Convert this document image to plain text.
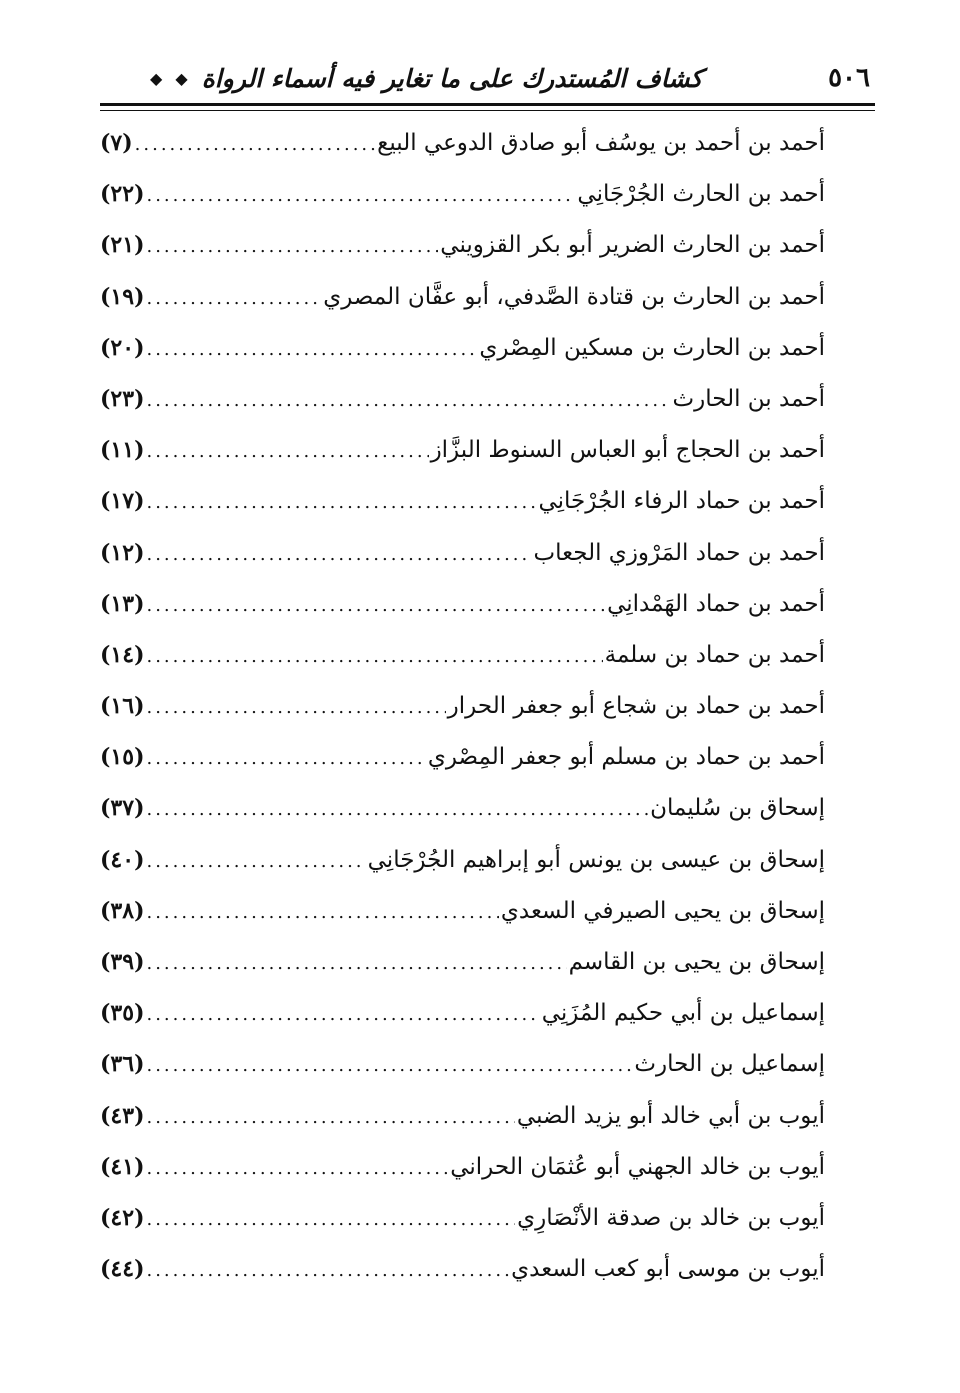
٥٠٦
كشاف المُستدرك على ما تغاير فيه أسماء الرواة
◆ ◆
أحمد بن أحمد بن يوسُف أبو صادق الدوعي البيع
.....
(٧)
أحمد بن الحارث الجُرْجَانِي
.....
(٢٢)
أحمد بن الحارث الضرير أبو بكر القزويني
.....
(٢١)
أحمد بن الحارث بن قتادة الصَّدفي، أبو عفَّان المصري
.....
(١٩)
أحمد بن الحارث بن مسكين المِصْري
.....
(٢٠)
أحمد بن الحارث
.....
(٢٣)
أحمد بن الحجاج أبو العباس السنوط البزَّاز
.....
(١١)
أحمد بن حماد الرفاء الجُرْجَانِي
.....
(١٧)
أحمد بن حماد المَرْوزي الجعاب
.....
(١٢)
أحمد بن حماد الهَمْدانِي
.....
(١٣)
أحمد بن حماد بن سلمة
.....
(١٤)
أحمد بن حماد بن شجاع أبو جعفر الحرار
.....
(١٦)
أحمد بن حماد بن مسلم أبو جعفر المِصْري
.....
(١٥)
إسحاق بن سُليمان
.....
(٣٧)
إسحاق بن عيسى بن يونس أبو إبراهيم الجُرْجَانِي
.....
(٤٠)
إسحاق بن يحيى الصيرفي السعدي
.....
(٣٨)
إسحاق بن يحيى بن القاسم
.....
(٣٩)
إسماعيل بن أبي حكيم المُزَنِي
.....
(٣٥)
إسماعيل بن الحارث
.....
(٣٦)
أيوب بن أبي خالد أبو يزيد الضبي
.....
(٤٣)
أيوب بن خالد الجهني أبو عُثمَان الحراني
.....
(٤١)
أيوب بن خالد بن صدقة الأنْصَارِي
.....
(٤٢)
أيوب بن موسى أبو كعب السعدي
.....
(٤٤)
